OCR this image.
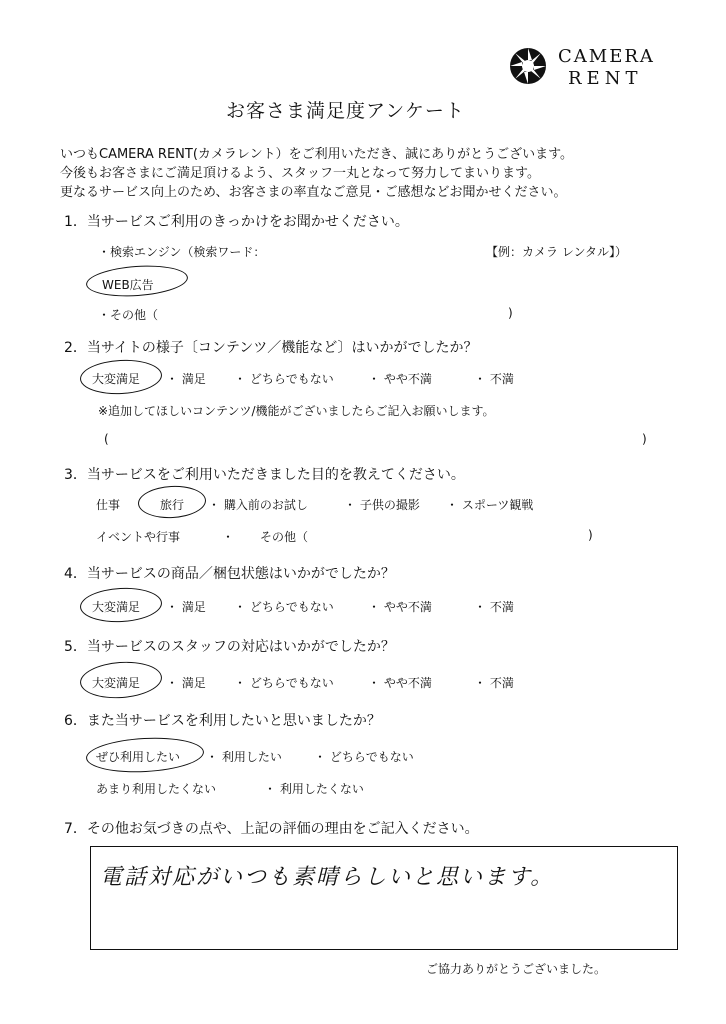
CAMERA
RENT
お客さま満足度アンケート
いつもCAMERA RENT(カメラレント）をご利用いただき、誠にありがとうございます。
今後もお客さまにご満足頂けるよう、スタッフ一丸となって努力してまいります。
更なるサービス向上のため、お客さまの率直なご意見・ご感想などお聞かせください。
1．当サービスご利用のきっかけをお聞かせください。
・検索エンジン（検索ワード：	【例：カメラ レンタル】）
WEB広告
・その他（	)
2．当サイトの様子〔コンテンツ／機能など〕はいかがでしたか？
大変満足 ・ 満足 ・ どちらでもない	・ やや不満	・ 不満
※追加してほしいコンテンツ/機能がございましたらご記入お願いします。
(	)
3．当サービスをご利用いただきました目的を教えてください。
仕事	旅行 ・ 購入前のお試し	・ 子供の撮影 ・ スポーツ観戦
イベントや行事	・ その他（	)
4．当サービスの商品／梱包状態はいかがでしたか？
大変満足 ・ 満足 ・ どちらでもない	・ やや不満	・ 不満
5．当サービスのスタッフの対応はいかがでしたか？
大変満足 ・ 満足 ・ どちらでもない	・ やや不満	・ 不満
6．また当サービスを利用したいと思いましたか？
ぜひ利用したい ・ 利用したい	・ どちらでもない
あまり利用したくない	・ 利用したくない
7．その他お気づきの点や、上記の評価の理由をご記入ください。
電話対応がいつも素晴らしいと思います。
ご協力ありがとうございました。
